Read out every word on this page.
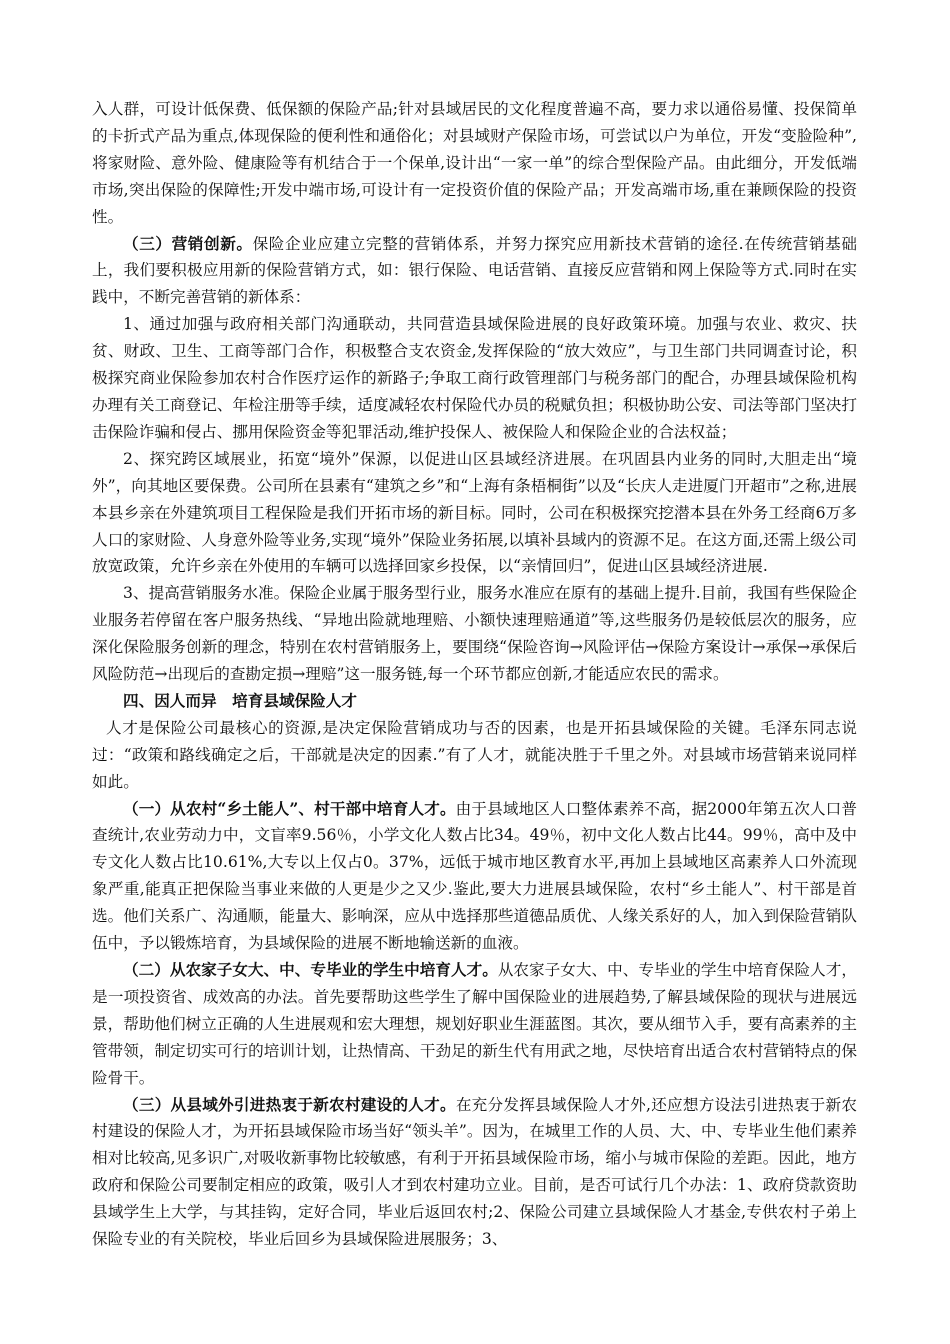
入人群，可设计低保费、低保额的保险产品;针对县域居民的文化程度普遍不高，要力求以通俗易懂、投保简单的卡折式产品为重点,体现保险的便利性和通俗化；对县域财产保险市场，可尝试以户为单位，开发“变脸险种”,将家财险、意外险、健康险等有机结合于一个保单,设计出“一家一单”的综合型保险产品。由此细分，开发低端市场,突出保险的保障性;开发中端市场,可设计有一定投资价值的保险产品；开发高端市场,重在兼顾保险的投资性。

（三）营销创新。保险企业应建立完整的营销体系，并努力探究应用新技术营销的途径.在传统营销基础上，我们要积极应用新的保险营销方式，如：银行保险、电话营销、直接反应营销和网上保险等方式.同时在实践中，不断完善营销的新体系：

1、通过加强与政府相关部门沟通联动，共同营造县域保险进展的良好政策环境。加强与农业、救灾、扶贫、财政、卫生、工商等部门合作，积极整合支农资金,发挥保险的“放大效应”，与卫生部门共同调查讨论，积极探究商业保险参加农村合作医疗运作的新路子;争取工商行政管理部门与税务部门的配合，办理县域保险机构办理有关工商登记、年检注册等手续，适度减轻农村保险代办员的税赋负担；积极协助公安、司法等部门坚决打击保险诈骗和侵占、挪用保险资金等犯罪活动,维护投保人、被保险人和保险企业的合法权益；

2、探究跨区域展业，拓宽“境外”保源，以促进山区县域经济进展。在巩固县内业务的同时,大胆走出“境外”，向其地区要保费。公司所在县素有“建筑之乡”和“上海有条梧桐街”以及“长庆人走进厦门开超市”之称,进展本县乡亲在外建筑项目工程保险是我们开拓市场的新目标。同时，公司在积极探究挖潜本县在外务工经商6万多人口的家财险、人身意外险等业务,实现“境外”保险业务拓展,以填补县域内的资源不足。在这方面,还需上级公司放宽政策，允许乡亲在外使用的车辆可以选择回家乡投保，以“亲情回归”，促进山区县域经济进展.

3、提高营销服务水准。保险企业属于服务型行业，服务水准应在原有的基础上提升.目前，我国有些保险企业服务若停留在客户服务热线、“异地出险就地理赔、小额快速理赔通道”等,这些服务仍是较低层次的服务，应深化保险服务创新的理念，特别在农村营销服务上，要围绕“保险咨询→风险评估→保险方案设计→承保→承保后风险防范→出现后的查勘定损→理赔”这一服务链,每一个环节都应创新,才能适应农民的需求。

四、因人而异　培育县域保险人才

人才是保险公司最核心的资源,是决定保险营销成功与否的因素，也是开拓县域保险的关键。毛泽东同志说过：“政策和路线确定之后，干部就是决定的因素.”有了人才，就能决胜于千里之外。对县域市场营销来说同样如此。

（一）从农村“乡土能人”、村干部中培育人才。由于县域地区人口整体素养不高，据2000年第五次人口普查统计,农业劳动力中，文盲率9.56％，小学文化人数占比34。49％，初中文化人数占比44。99％，高中及中专文化人数占比10.61%,大专以上仅占0。37%，远低于城市地区教育水平,再加上县域地区高素养人口外流现象严重,能真正把保险当事业来做的人更是少之又少.鉴此,要大力进展县域保险，农村“乡土能人”、村干部是首选。他们关系广、沟通顺，能量大、影响深，应从中选择那些道德品质优、人缘关系好的人，加入到保险营销队伍中，予以锻炼培育，为县域保险的进展不断地输送新的血液。

（二）从农家子女大、中、专毕业的学生中培育人才。从农家子女大、中、专毕业的学生中培育保险人才，是一项投资省、成效高的办法。首先要帮助这些学生了解中国保险业的进展趋势,了解县域保险的现状与进展远景，帮助他们树立正确的人生进展观和宏大理想，规划好职业生涯蓝图。其次，要从细节入手，要有高素养的主管带领，制定切实可行的培训计划，让热情高、干劲足的新生代有用武之地，尽快培育出适合农村营销特点的保险骨干。

（三）从县域外引进热衷于新农村建设的人才。在充分发挥县域保险人才外,还应想方设法引进热衷于新农村建设的保险人才，为开拓县域保险市场当好“领头羊”。因为，在城里工作的人员、大、中、专毕业生他们素养相对比较高,见多识广,对吸收新事物比较敏感，有利于开拓县域保险市场，缩小与城市保险的差距。因此，地方政府和保险公司要制定相应的政策，吸引人才到农村建功立业。目前，是否可试行几个办法：1、政府贷款资助县域学生上大学，与其挂钩，定好合同，毕业后返回农村;2、保险公司建立县域保险人才基金,专供农村子弟上保险专业的有关院校，毕业后回乡为县域保险进展服务；3、
